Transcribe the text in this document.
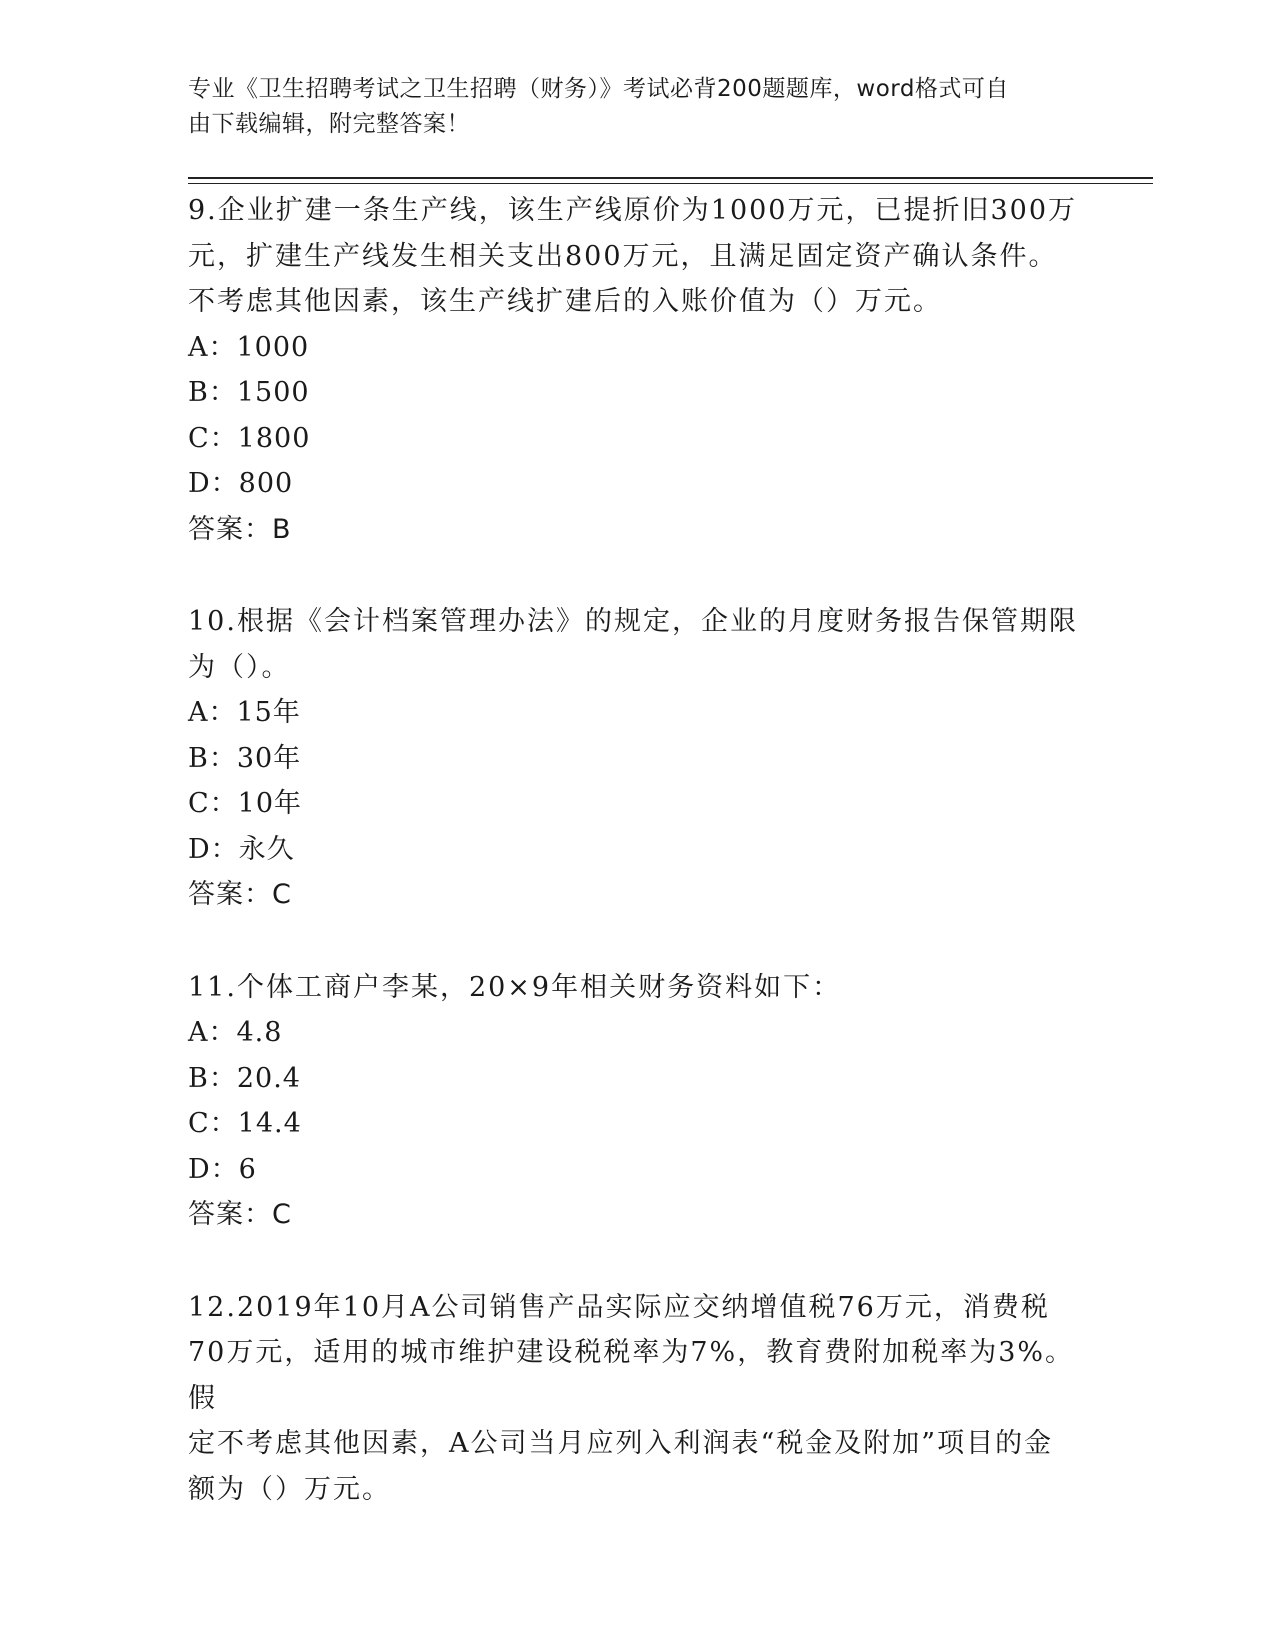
专业《卫生招聘考试之卫生招聘（财务）》考试必背200题题库，word格式可自
由下载编辑，附完整答案！
9.企业扩建一条生产线，该生产线原价为1000万元，已提折旧300万
元，扩建生产线发生相关支出800万元，且满足固定资产确认条件。
不考虑其他因素，该生产线扩建后的入账价值为（）万元。
A：1000
B：1500
C：1800
D：800
答案：B
10.根据《会计档案管理办法》的规定，企业的月度财务报告保管期限
为（）。
A：15年
B：30年
C：10年
D：永久
答案：C
11.个体工商户李某，20×9年相关财务资料如下：
A：4.8
B：20.4
C：14.4
D：6
答案：C
12.2019年10月A公司销售产品实际应交纳增值税76万元，消费税
70万元，适用的城市维护建设税税率为7%，教育费附加税率为3%。假
定不考虑其他因素，A公司当月应列入利润表“税金及附加”项目的金
额为（）万元。
